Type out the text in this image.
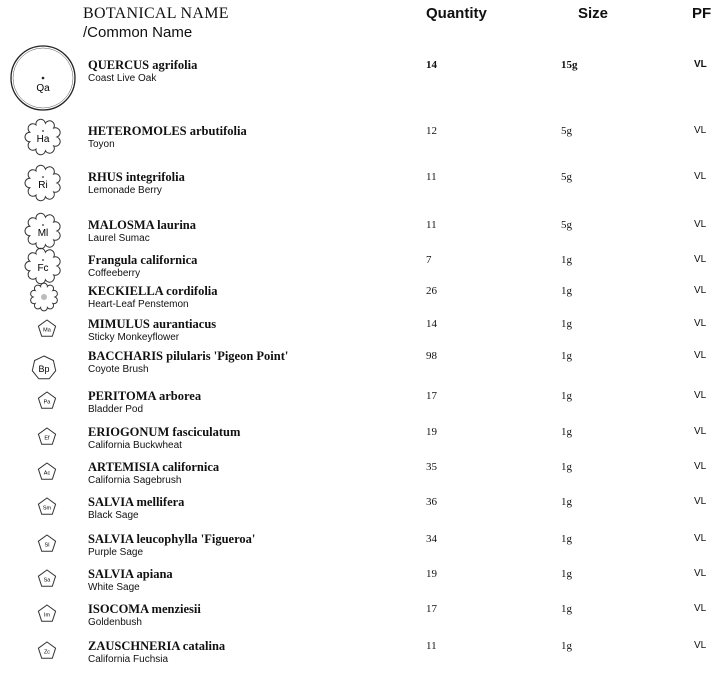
BOTANICAL NAME
/Common Name
Quantity	Size	PF
Qa
QUERCUS agrifolia
Coast Live Oak
14	15g	VL
Ha
HETEROMOLES arbutifolia
Toyon
12	5g	VL
Ri
RHUS integrifolia
Lemonade Berry
11	5g	VL
Ml
MALOSMA laurina
Laurel Sumac
11	5g	VL
Fc
Frangula californica
Coffeeberry
7	1g	VL
KECKIELLA cordifolia
Heart-Leaf Penstemon
26	1g	VL
Ma	MIMULUS aurantiacus
Sticky Monkeyflower
14	1g	VL
Bp
BACCHARIS pilularis 'Pigeon Point'
Coyote Brush
98	1g	VL
Pa	PERITOMA arborea
Bladder Pod
17	1g	VL
Ef	ERIOGONUM fasciculatum
California Buckwheat
19	1g	VL
Ac	ARTEMISIA californica
California Sagebrush
35	1g	VL
Sm	SALVIA mellifera
Black Sage
36	1g	VL
Sl	SALVIA leucophylla 'Figueroa'
Purple Sage
34	1g	VL
Sa	SALVIA apiana
White Sage
19	1g	VL
Im	ISOCOMA menziesii
Goldenbush
17	1g	VL
Zc	ZAUSCHNERIA catalina
California Fuchsia
11	1g	VL
